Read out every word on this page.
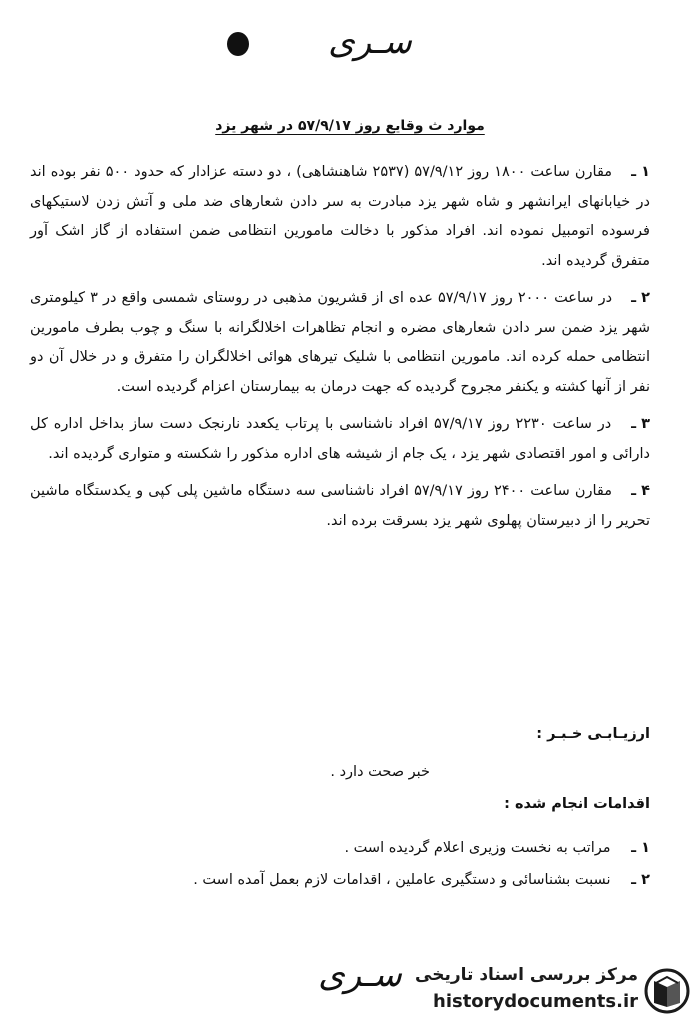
سـری
موارد ث وقایع روز ۵۷/۹/۱۷ در شهر یزد

۱ ـ مقارن ساعت ۱۸۰۰ روز ۵۷/۹/۱۲ (۲۵۳۷ شاهنشاهی) ، دو دسته عزادار که حدود ۵۰۰ نفر بوده اند در خیابانهای ایرانشهر و شاه شهر یزد مبادرت به سر دادن شعارهای ضد ملی و آتش زدن لاستیکهای فرسوده اتومبیل نموده اند. افراد مذکور با دخالت مامورین انتظامی ضمن استفاده از گاز اشک آور متفرق گردیده اند.

۲ ـ در ساعت ۲۰۰۰ روز ۵۷/۹/۱۷ عده ای از قشریون مذهبی در روستای شمسی واقع در ۳ کیلومتری شهر یزد ضمن سر دادن شعارهای مضره و انجام تظاهرات اخلالگرانه با سنگ و چوب بطرف مامورین انتظامی حمله کرده اند. مامورین انتظامی با شلیک تیرهای هوائی اخلالگران را متفرق و در خلال آن دو نفر از آنها کشته و یکنفر مجروح گردیده که جهت درمان به بیمارستان اعزام گردیده است.

۳ ـ در ساعت ۲۲۳۰ روز ۵۷/۹/۱۷ افراد ناشناسی با پرتاب یکعدد نارنجک دست ساز بداخل اداره کل دارائی و امور اقتصادی شهر یزد ، یک جام از شیشه های اداره مذکور را شکسته و متواری گردیده اند.

۴ ـ مقارن ساعت ۲۴۰۰ روز ۵۷/۹/۱۷ افراد ناشناسی سه دستگاه ماشین پلی کپی و یکدستگاه ماشین تحریر را از دبیرستان پهلوی شهر یزد بسرقت برده اند.

ارزیـابـی خـبـر :

خبر صحت دارد .

اقدامات انجام شده :

۱ ـ مراتب به نخست وزیری اعلام گردیده است .
۲ ـ نسبت بشناسائی و دستگیری عاملین ، اقدامات لازم بعمل آمده است .
سـری مرکز بررسی اسناد تاریخی
historydocuments.ir
